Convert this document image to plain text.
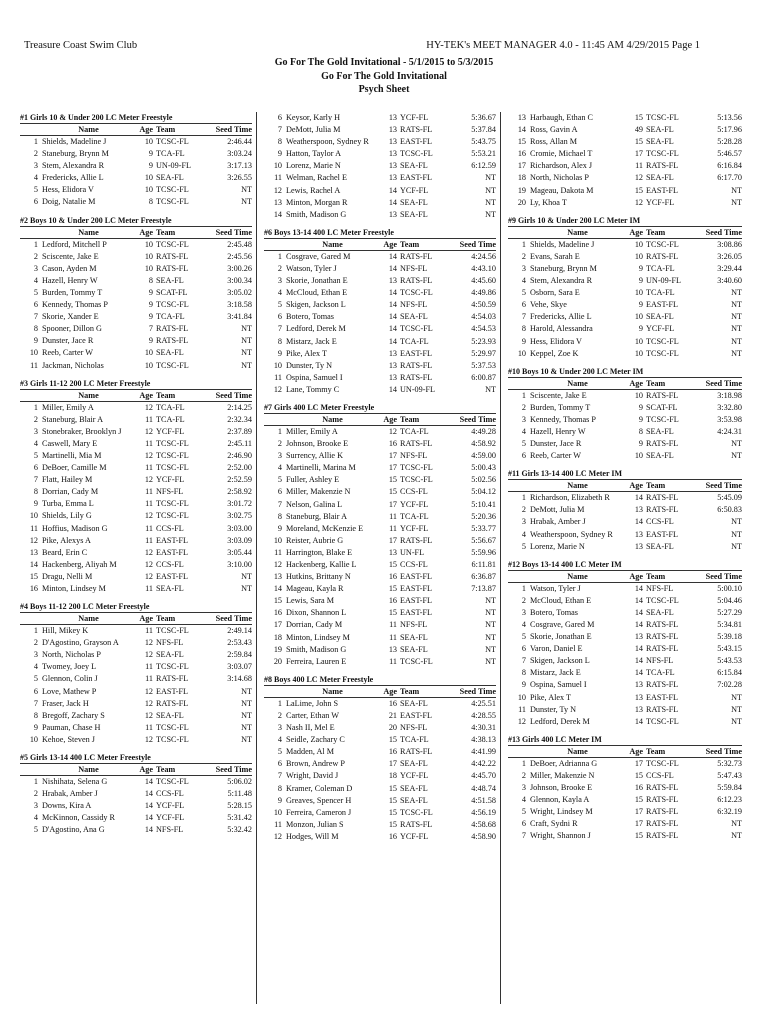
Treasure Coast Swim Club	HY-TEK's MEET MANAGER 4.0 - 11:45 AM 4/29/2015 Page 1
Go For The Gold Invitational - 5/1/2015 to 5/3/2015
Go For The Gold Invitational
Psych Sheet
#1 Girls 10 & Under 200 LC Meter Freestyle
	Name	Age	Team	Seed Time
1	Shields, Madeline J	10	TCSC-FL	2:46.44
2	Staneburg, Brynn M	9	TCA-FL	3:03.24
3	Stem, Alexandra R	9	UN-09-FL	3:17.13
4	Fredericks, Allie L	10	SEA-FL	3:26.55
5	Hess, Elidora V	10	TCSC-FL	NT
6	Doig, Natalie M	8	TCSC-FL	NT
#2 Boys 10 & Under 200 LC Meter Freestyle
	Name	Age	Team	Seed Time
1	Ledford, Mitchell P	10	TCSC-FL	2:45.48
2	Sciscente, Jake E	10	RATS-FL	2:45.56
3	Cason, Ayden M	10	RATS-FL	3:00.26
4	Hazell, Henry W	8	SEA-FL	3:00.34
5	Burden, Tommy T	9	SCAT-FL	3:05.02
6	Kennedy, Thomas P	9	TCSC-FL	3:18.58
7	Skorie, Xander E	9	TCA-FL	3:41.84
8	Spooner, Dillon G	7	RATS-FL	NT
9	Dunster, Jace R	9	RATS-FL	NT
10	Reeb, Carter W	10	SEA-FL	NT
11	Jackman, Nicholas	10	TCSC-FL	NT
#3 Girls 11-12 200 LC Meter Freestyle
	Name	Age	Team	Seed Time
1	Miller, Emily A	12	TCA-FL	2:14.25
2	Staneburg, Blair A	11	TCA-FL	2:32.34
3	Stonebraker, Brooklyn J	12	YCF-FL	2:37.89
4	Caswell, Mary E	11	TCSC-FL	2:45.11
5	Martinelli, Mia M	12	TCSC-FL	2:46.90
6	DeBoer, Camille M	11	TCSC-FL	2:52.00
7	Flatt, Hailey M	12	YCF-FL	2:52.59
8	Dorrian, Cady M	11	NFS-FL	2:58.92
9	Turba, Emma L	11	TCSC-FL	3:01.72
10	Shields, Lily G	12	TCSC-FL	3:02.75
11	Hoffius, Madison G	11	CCS-FL	3:03.00
12	Pike, Alexys A	11	EAST-FL	3:03.09
13	Beard, Erin C	12	EAST-FL	3:05.44
14	Hackenberg, Aliyah M	12	CCS-FL	3:10.00
15	Dragu, Nelli M	12	EAST-FL	NT
16	Minton, Lindsey M	11	SEA-FL	NT
#4 Boys 11-12 200 LC Meter Freestyle
	Name	Age	Team	Seed Time
1	Hill, Mikey K	11	TCSC-FL	2:49.14
2	D'Agostino, Grayson A	12	NFS-FL	2:53.43
3	North, Nicholas P	12	SEA-FL	2:59.84
4	Twomey, Joey L	11	TCSC-FL	3:03.07
5	Glennon, Colin J	11	RATS-FL	3:14.68
6	Love, Mathew P	12	EAST-FL	NT
7	Fraser, Jack H	12	RATS-FL	NT
8	Bregoff, Zachary S	12	SEA-FL	NT
9	Pauman, Chase H	11	TCSC-FL	NT
10	Kehoe, Steven J	12	TCSC-FL	NT
#5 Girls 13-14 400 LC Meter Freestyle
	Name	Age	Team	Seed Time
1	Nishihata, Selena G	14	TCSC-FL	5:06.02
2	Hrabak, Amber J	14	CCS-FL	5:11.48
3	Downs, Kira A	14	YCF-FL	5:28.15
4	McKinnon, Cassidy R	14	YCF-FL	5:31.42
5	D'Agostino, Ana G	14	NFS-FL	5:32.42
6	Keysor, Karly H	13	YCF-FL	5:36.67
7	DeMott, Julia M	13	RATS-FL	5:37.84
8	Weatherspoon, Sydney R	13	EAST-FL	5:43.75
9	Hatton, Taylor A	13	TCSC-FL	5:53.21
10	Lorenz, Marie N	13	SEA-FL	6:12.59
11	Welman, Rachel E	13	EAST-FL	NT
12	Lewis, Rachel A	14	YCF-FL	NT
13	Minton, Morgan R	14	SEA-FL	NT
14	Smith, Madison G	13	SEA-FL	NT
#6 Boys 13-14 400 LC Meter Freestyle
	Name	Age	Team	Seed Time
1	Cosgrave, Gared M	14	RATS-FL	4:24.56
2	Watson, Tyler J	14	NFS-FL	4:43.10
3	Skorie, Jonathan E	13	RATS-FL	4:45.60
4	McCloud, Ethan E	14	TCSC-FL	4:49.86
5	Skigen, Jackson L	14	NFS-FL	4:50.59
6	Botero, Tomas	14	SEA-FL	4:54.03
7	Ledford, Derek M	14	TCSC-FL	4:54.53
8	Mistarz, Jack E	14	TCA-FL	5:23.93
9	Pike, Alex T	13	EAST-FL	5:29.97
10	Dunster, Ty N	13	RATS-FL	5:37.53
11	Ospina, Samuel I	13	RATS-FL	6:00.87
12	Lane, Tommy C	14	UN-09-FL	NT
#7 Girls 400 LC Meter Freestyle
	Name	Age	Team	Seed Time
1	Miller, Emily A	12	TCA-FL	4:49.28
2	Johnson, Brooke E	16	RATS-FL	4:58.92
3	Surrency, Allie K	17	NFS-FL	4:59.00
4	Martinelli, Marina M	17	TCSC-FL	5:00.43
5	Fuller, Ashley E	15	TCSC-FL	5:02.56
6	Miller, Makenzie N	15	CCS-FL	5:04.12
7	Nelson, Galina L	17	YCF-FL	5:10.41
8	Staneburg, Blair A	11	TCA-FL	5:20.36
9	Moreland, McKenzie E	11	YCF-FL	5:33.77
10	Reister, Aubrie G	17	RATS-FL	5:56.67
11	Harrington, Blake E	13	UN-FL	5:59.96
12	Hackenberg, Kallie L	15	CCS-FL	6:11.81
13	Hutkins, Brittany N	16	EAST-FL	6:36.87
14	Mageau, Kayla R	15	EAST-FL	7:13.87
15	Lewis, Sara M	16	EAST-FL	NT
16	Dixon, Shannon L	15	EAST-FL	NT
17	Dorrian, Cady M	11	NFS-FL	NT
18	Minton, Lindsey M	11	SEA-FL	NT
19	Smith, Madison G	13	SEA-FL	NT
20	Ferreira, Lauren E	11	TCSC-FL	NT
#8 Boys 400 LC Meter Freestyle
	Name	Age	Team	Seed Time
1	LaLime, John S	16	SEA-FL	4:25.51
2	Carter, Ethan W	21	EAST-FL	4:28.55
3	Nash II, Mel E	20	NFS-FL	4:30.31
4	Seidle, Zachary C	15	TCA-FL	4:38.13
5	Madden, Al M	16	RATS-FL	4:41.99
6	Brown, Andrew P	17	SEA-FL	4:42.22
7	Wright, David J	18	YCF-FL	4:45.70
8	Kramer, Coleman D	15	SEA-FL	4:48.74
9	Greaves, Spencer H	15	SEA-FL	4:51.58
10	Ferreira, Cameron J	15	TCSC-FL	4:56.19
11	Monzon, Julian S	15	RATS-FL	4:58.68
12	Hodges, Will M	16	YCF-FL	4:58.90
13	Harbaugh, Ethan C	15	TCSC-FL	5:13.56
14	Ross, Gavin A	49	SEA-FL	5:17.96
15	Ross, Allan M	15	SEA-FL	5:28.28
16	Cromie, Michael T	17	TCSC-FL	5:46.57
17	Richardson, Alex J	11	RATS-FL	6:16.84
18	North, Nicholas P	12	SEA-FL	6:17.70
19	Mageau, Dakota M	15	EAST-FL	NT
20	Ly, Khoa T	12	YCF-FL	NT
#9 Girls 10 & Under 200 LC Meter IM
	Name	Age	Team	Seed Time
1	Shields, Madeline J	10	TCSC-FL	3:08.86
2	Evans, Sarah E	10	RATS-FL	3:26.05
3	Staneburg, Brynn M	9	TCA-FL	3:29.44
4	Stem, Alexandra R	9	UN-09-FL	3:40.60
5	Osborn, Sara E	10	TCA-FL	NT
6	Vehe, Skye	9	EAST-FL	NT
7	Fredericks, Allie L	10	SEA-FL	NT
8	Harold, Alessandra	9	YCF-FL	NT
9	Hess, Elidora V	10	TCSC-FL	NT
10	Keppel, Zoe K	10	TCSC-FL	NT
#10 Boys 10 & Under 200 LC Meter IM
	Name	Age	Team	Seed Time
1	Sciscente, Jake E	10	RATS-FL	3:18.98
2	Burden, Tommy T	9	SCAT-FL	3:32.80
3	Kennedy, Thomas P	9	TCSC-FL	3:53.98
4	Hazell, Henry W	8	SEA-FL	4:24.31
5	Dunster, Jace R	9	RATS-FL	NT
6	Reeb, Carter W	10	SEA-FL	NT
#11 Girls 13-14 400 LC Meter IM
	Name	Age	Team	Seed Time
1	Richardson, Elizabeth R	14	RATS-FL	5:45.09
2	DeMott, Julia M	13	RATS-FL	6:50.83
3	Hrabak, Amber J	14	CCS-FL	NT
4	Weatherspoon, Sydney R	13	EAST-FL	NT
5	Lorenz, Marie N	13	SEA-FL	NT
#12 Boys 13-14 400 LC Meter IM
	Name	Age	Team	Seed Time
1	Watson, Tyler J	14	NFS-FL	5:00.10
2	McCloud, Ethan E	14	TCSC-FL	5:04.46
3	Botero, Tomas	14	SEA-FL	5:27.29
4	Cosgrave, Gared M	14	RATS-FL	5:34.81
5	Skorie, Jonathan E	13	RATS-FL	5:39.18
6	Varon, Daniel E	14	RATS-FL	5:43.15
7	Skigen, Jackson L	14	NFS-FL	5:43.53
8	Mistarz, Jack E	14	TCA-FL	6:15.84
9	Ospina, Samuel I	13	RATS-FL	7:02.28
10	Pike, Alex T	13	EAST-FL	NT
11	Dunster, Ty N	13	RATS-FL	NT
12	Ledford, Derek M	14	TCSC-FL	NT
#13 Girls 400 LC Meter IM
	Name	Age	Team	Seed Time
1	DeBoer, Adrianna G	17	TCSC-FL	5:32.73
2	Miller, Makenzie N	15	CCS-FL	5:47.43
3	Johnson, Brooke E	16	RATS-FL	5:59.84
4	Glennon, Kayla A	15	RATS-FL	6:12.23
5	Wright, Lindsey M	17	RATS-FL	6:32.19
6	Craft, Sydni R	17	RATS-FL	NT
7	Wright, Shannon J	15	RATS-FL	NT
